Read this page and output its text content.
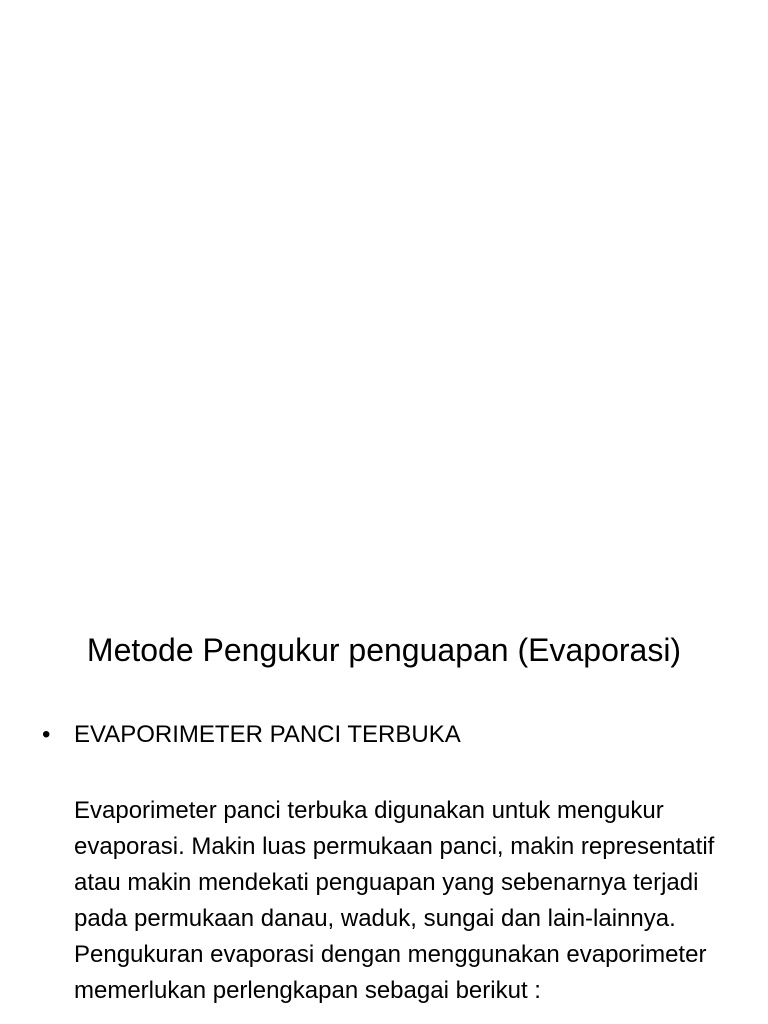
Metode Pengukur penguapan (Evaporasi)
• EVAPORIMETER PANCI TERBUKA

Evaporimeter panci terbuka digunakan untuk mengukur evaporasi. Makin luas permukaan panci, makin representatif atau makin mendekati penguapan yang sebenarnya terjadi pada permukaan danau, waduk, sungai dan lain-lainnya. Pengukuran evaporasi dengan menggunakan evaporimeter memerlukan perlengkapan sebagai berikut :
